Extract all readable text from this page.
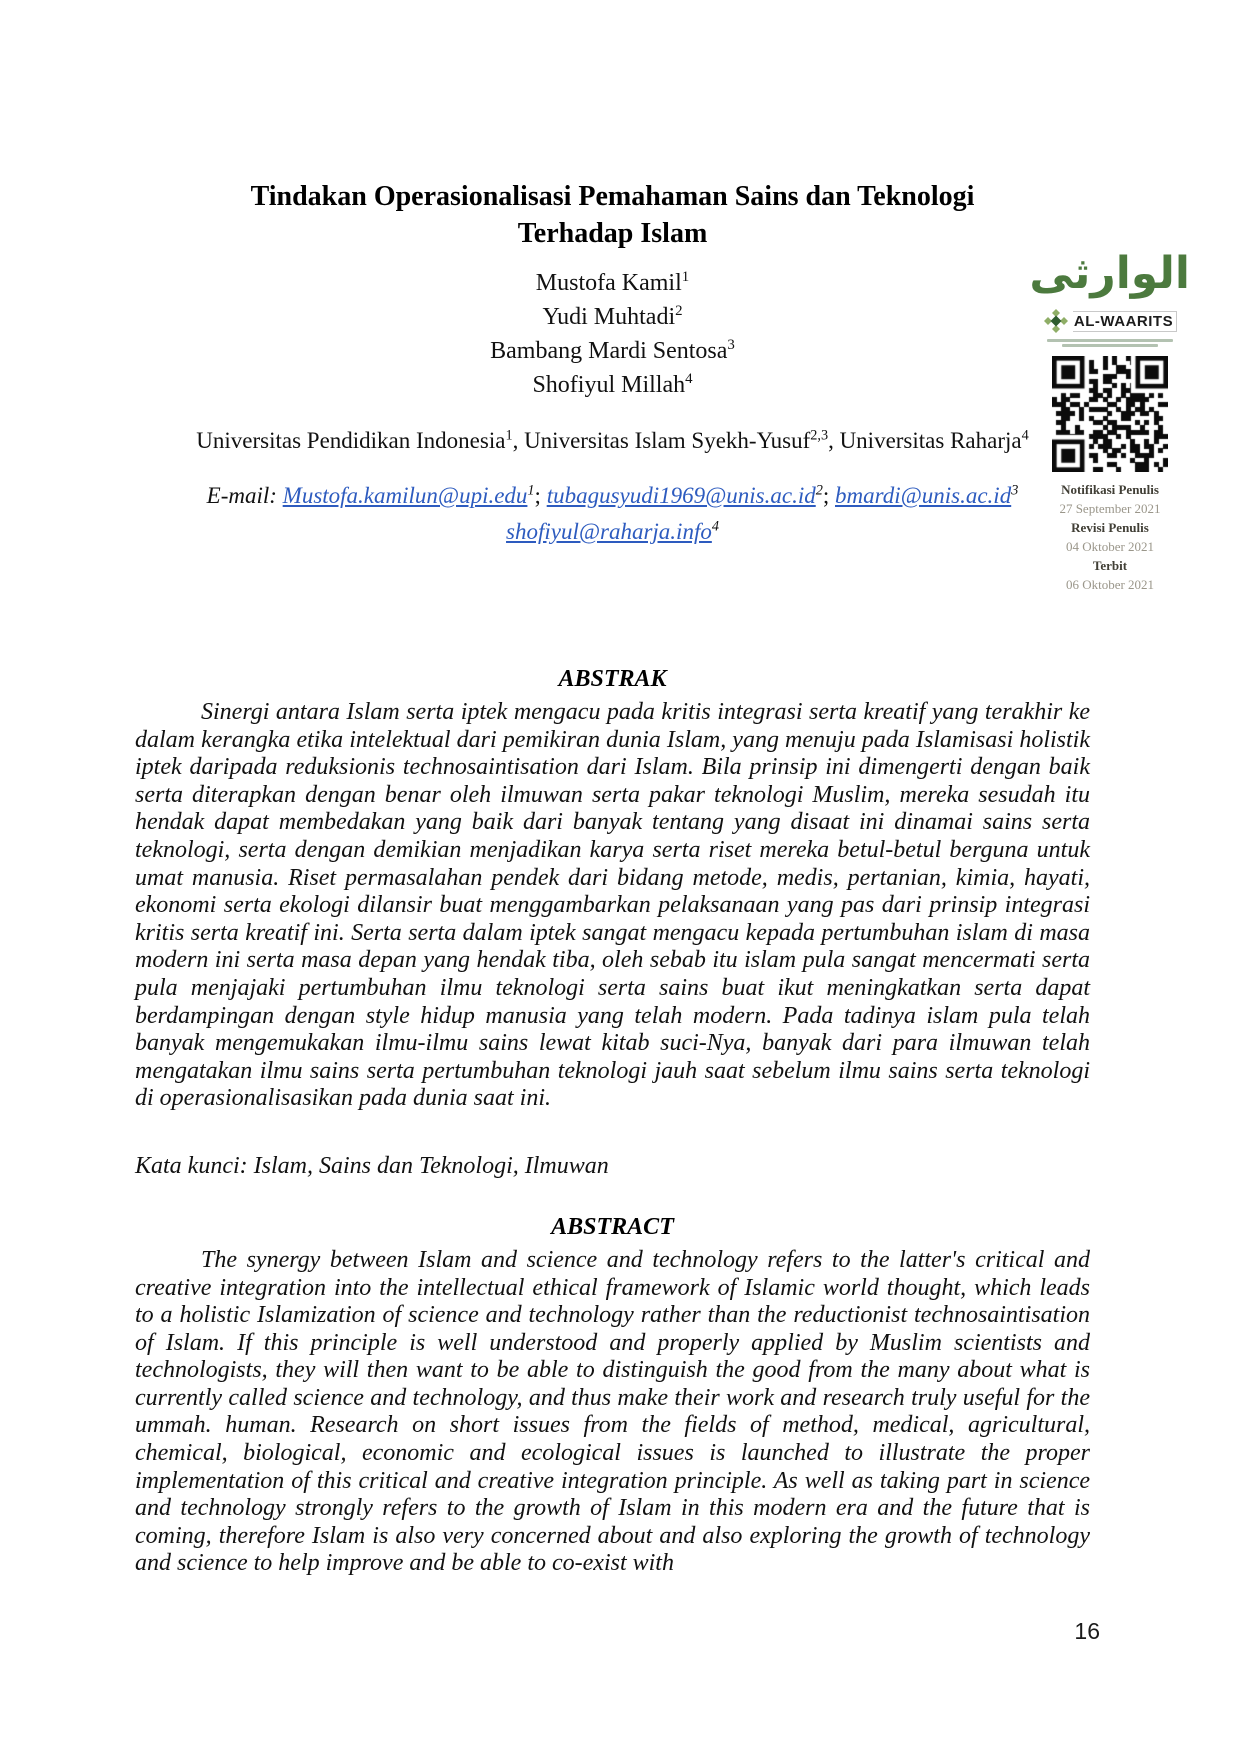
Tindakan Operasionalisasi Pemahaman Sains dan Teknologi
Terhadap Islam
Mustofa Kamil$^1$
Yudi Muhtadi$^2$
Bambang Mardi Sentosa$^3$
Shofiyul Millah$^4$
Universitas Pendidikan Indonesia$^1$, Universitas Islam Syekh-Yusuf$^{2,3}$, Universitas Raharja$^4$
E-mail: Mustofa.kamilun@upi.edu$^1$; $tubagusyudi1969@unis.ac.id^2$; $bmardi@unis.ac.id^3$
shofiyul@raharja.info$^4$
ABSTRAK

Sinergi antara Islam serta iptek mengacu pada kritis integrasi serta kreatif yang terakhir ke dalam kerangka etika intelektual dari pemikiran dunia Islam, yang menuju pada Islamisasi holistik iptek daripada reduksionis technosaintisation dari Islam. Bila prinsip ini dimengerti dengan baik serta diterapkan dengan benar oleh ilmuwan serta pakar teknologi Muslim, mereka sesudah itu hendak dapat membedakan yang baik dari banyak tentang yang disaat ini dinamai sains serta teknologi, serta dengan demikian menjadikan karya serta riset mereka betul-betul berguna untuk umat manusia. Riset permasalahan pendek dari bidang metode, medis, pertanian, kimia, hayati, ekonomi serta ekologi dilansir buat menggambarkan pelaksanaan yang pas dari prinsip integrasi kritis serta kreatif ini. Serta serta dalam iptek sangat mengacu kepada pertumbuhan islam di masa modern ini serta masa depan yang hendak tiba, oleh sebab itu islam pula sangat mencermati serta pula menjajaki pertumbuhan ilmu teknologi serta sains buat ikut meningkatkan serta dapat berdampingan dengan style hidup manusia yang telah modern. Pada tadinya islam pula telah banyak mengemukakan ilmu-ilmu sains lewat kitab suci-Nya, banyak dari para ilmuwan telah mengatakan ilmu sains serta pertumbuhan teknologi jauh saat sebelum ilmu sains serta teknologi di operasionalisasikan pada dunia saat ini.

Kata kunci: Islam, Sains dan Teknologi, Ilmuwan
ABSTRACT

The synergy between Islam and science and technology refers to the latter's critical and creative integration into the intellectual ethical framework of Islamic world thought, which leads to a holistic Islamization of science and technology rather than the reductionist technosaintisation of Islam. If this principle is well understood and properly applied by Muslim scientists and technologists, they will then want to be able to distinguish the good from the many about what is currently called science and technology, and thus make their work and research truly useful for the ummah. human. Research on short issues from the fields of method, medical, agricultural, chemical, biological, economic and ecological issues is launched to illustrate the proper implementation of this critical and creative integration principle. As well as taking part in science and technology strongly refers to the growth of Islam in this modern era and the future that is coming, therefore Islam is also very concerned about and also exploring the growth of technology and science to help improve and be able to co-exist with

الوارثى
AL-WAARITS
Notifikasi Penulis
27 September 2021
Revisi Penulis
04 Oktober 2021
Terbit
06 Oktober 2021
16
